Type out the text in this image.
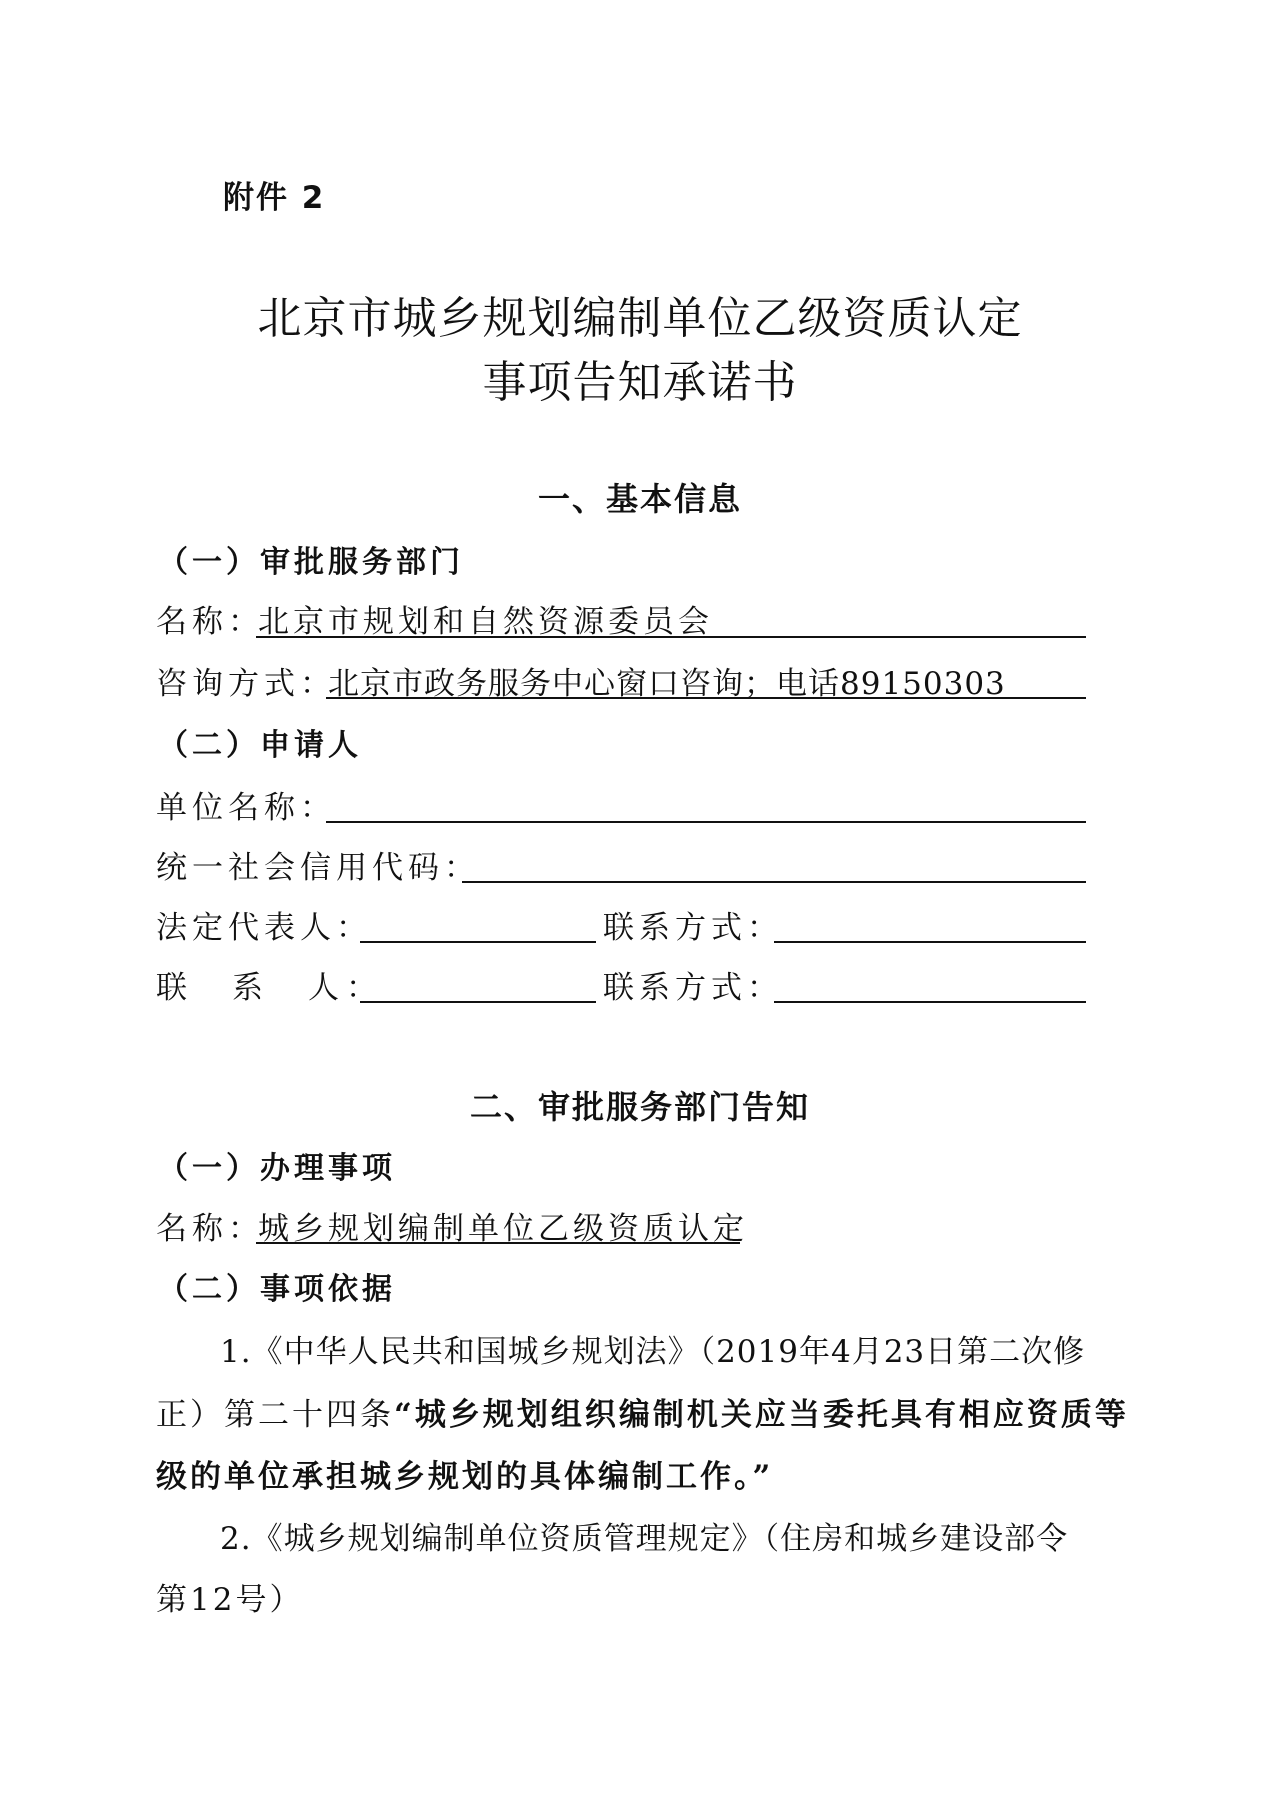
附件 2
北京市城乡规划编制单位乙级资质认定
事项告知承诺书
一、基本信息
（一）审批服务部门
名称：
北京市规划和自然资源委员会
咨询方式：
北京市政务服务中心窗口咨询；电话89150303
（二）申请人
单位名称：
统一社会信用代码：
法定代表人：	联系方式：
联　系　人：	联系方式：
二、审批服务部门告知
（一）办理事项
名称：
城乡规划编制单位乙级资质认定
（二）事项依据
1.《中华人民共和国城乡规划法》（2019年4月23日第二次修
正）第二十四条“城乡规划组织编制机关应当委托具有相应资质等
级的单位承担城乡规划的具体编制工作。”
2.《城乡规划编制单位资质管理规定》（住房和城乡建设部令
第12号）
